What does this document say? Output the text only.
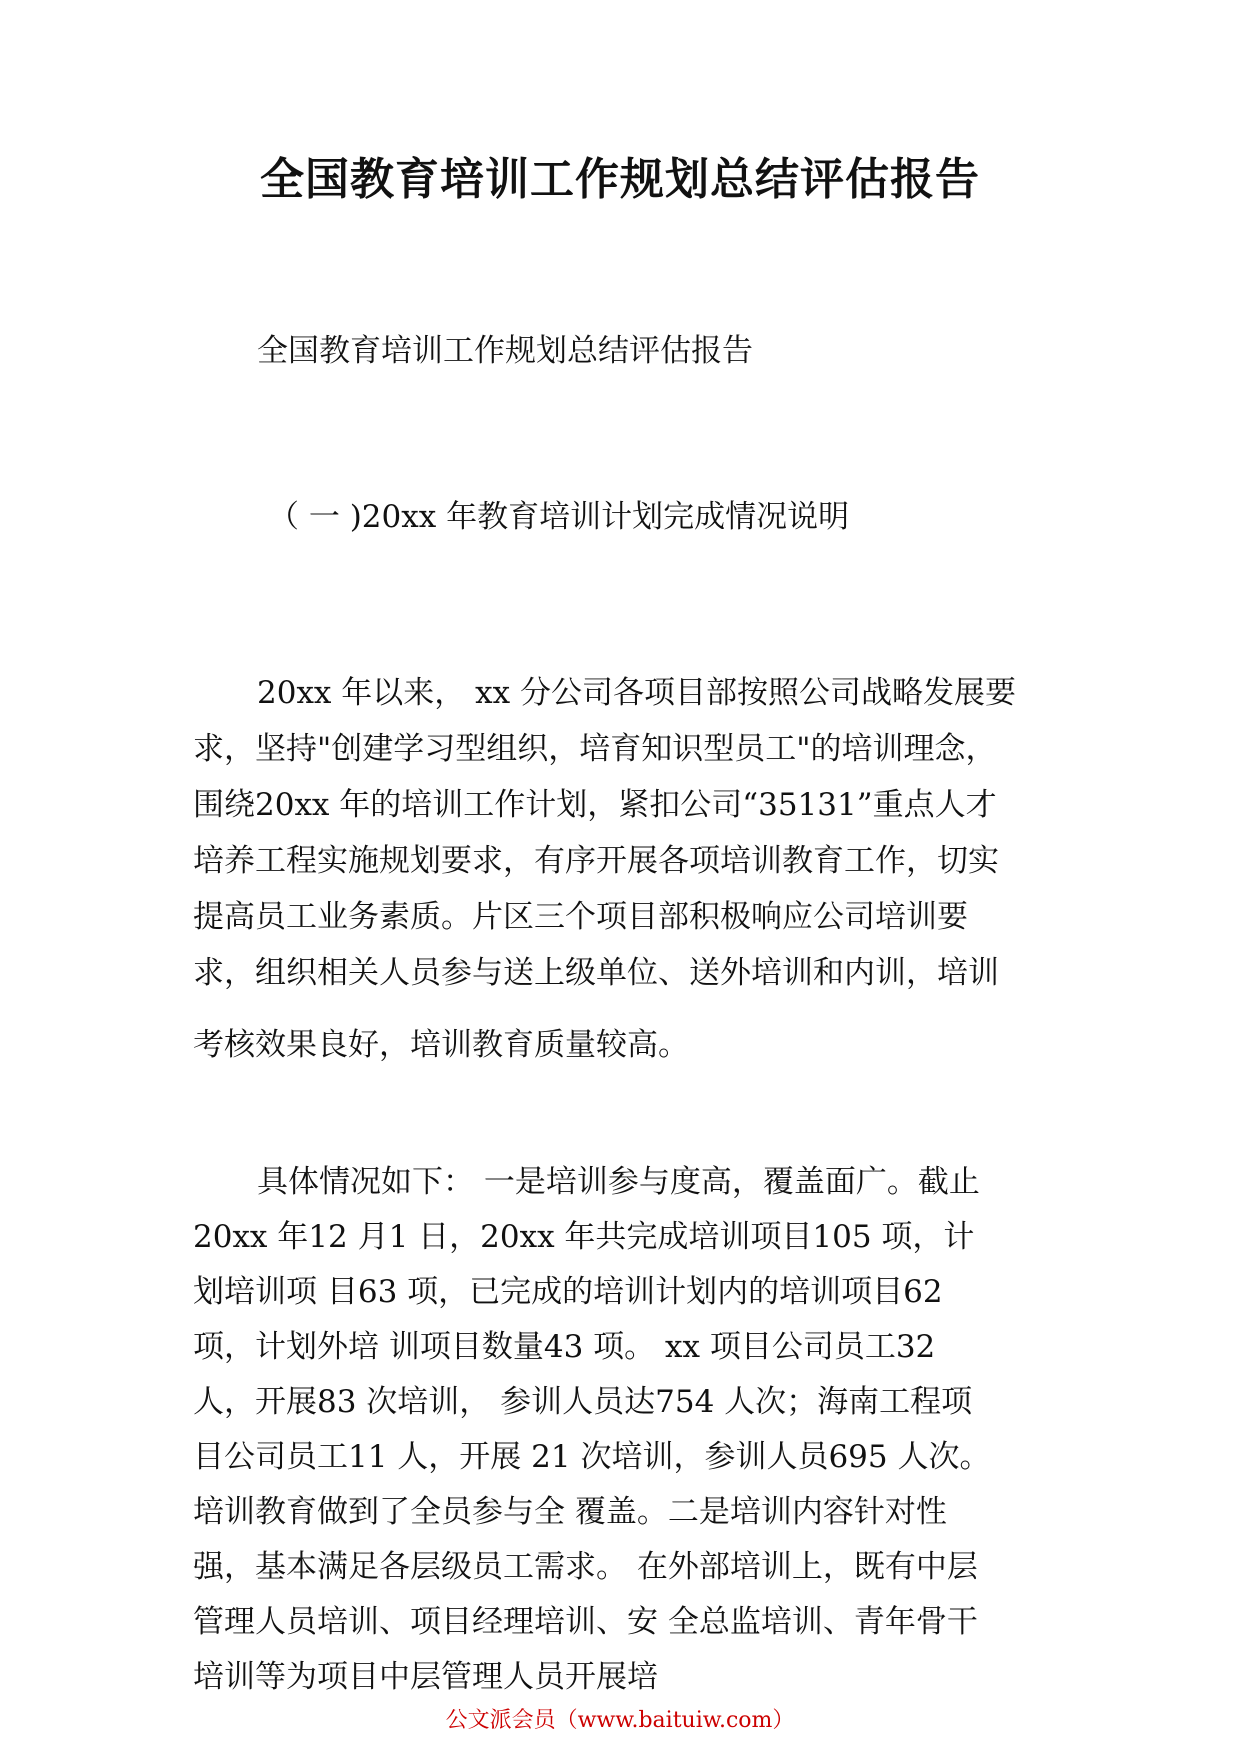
全国教育培训工作规划总结评估报告

全国教育培训工作规划总结评估报告

（ 一 )20xx 年教育培训计划完成情况说明

20xx 年以来， xx 分公司各项目部按照公司战略发展要
求，坚持"创建学习型组织，培育知识型员工"的培训理念，
围绕20xx 年的培训工作计划，紧扣公司“35131”重点人才
培养工程实施规划要求，有序开展各项培训教育工作，切实
提高员工业务素质。片区三个项目部积极响应公司培训要
求，组织相关人员参与送上级单位、送外培训和内训，培训
考核效果良好，培训教育质量较高。
具体情况如下： 一是培训参与度高，覆盖面广。截止
20xx 年12 月1 日，20xx 年共完成培训项目105 项，计
划培训项 目63 项，已完成的培训计划内的培训项目62
项，计划外培 训项目数量43 项。 xx 项目公司员工32
人，开展83 次培训， 参训人员达754 人次；海南工程项
目公司员工11 人，开展 21 次培训，参训人员695 人次。
培训教育做到了全员参与全 覆盖。二是培训内容针对性
强，基本满足各层级员工需求。 在外部培训上，既有中层
管理人员培训、项目经理培训、安 全总监培训、青年骨干
培训等为项目中层管理人员开展培

公文派会员（www.baituiw.com）
